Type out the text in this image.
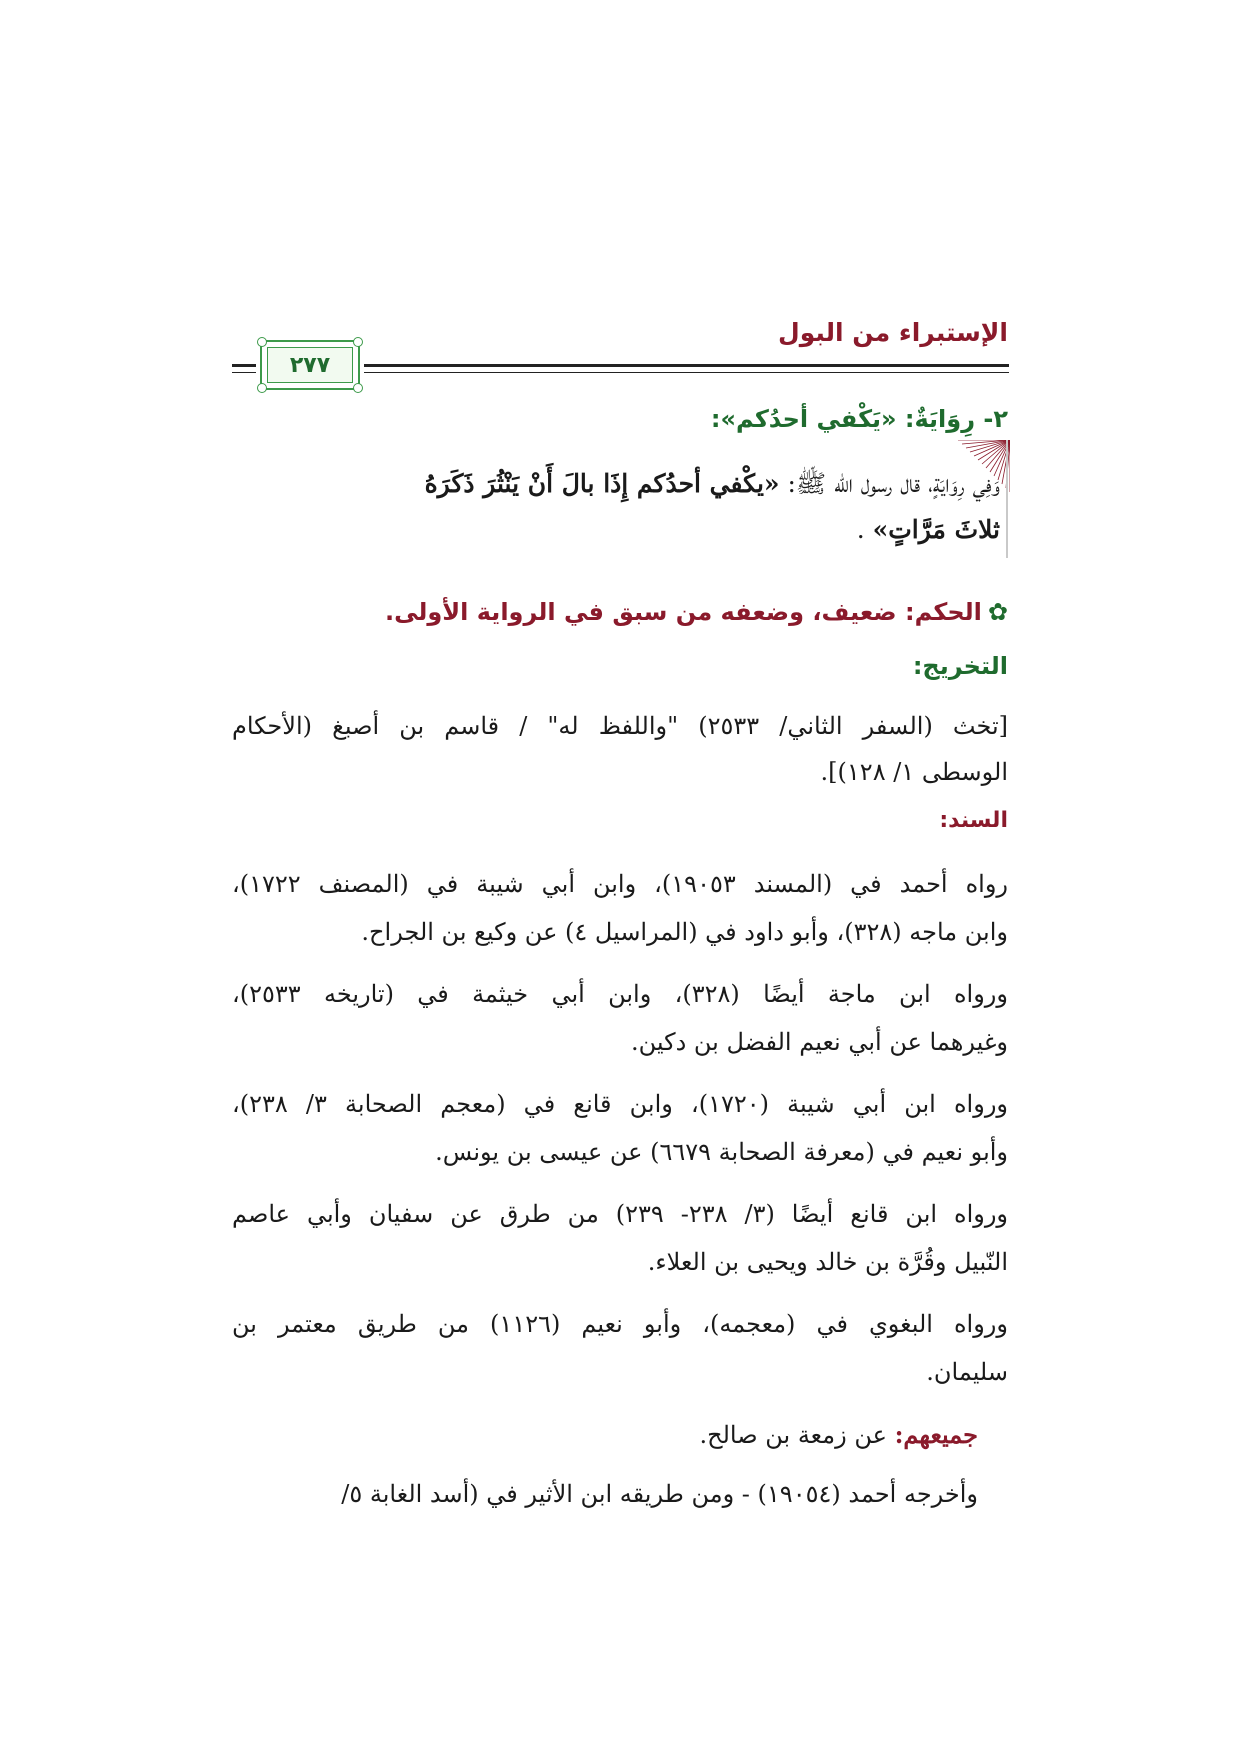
الإستبراء من البول
٢٧٧
٢- رِوَايَةٌ: «يَكْفي أحدُكم»:
وَفِي رِوَايَةٍ، قال رسول الله ﷺ: «يكْفي أحدُكم إِذَا بالَ أَنْ يَنْثُرَ ذَكَرَهُ
ثلاثَ مَرَّاتٍ» .
✿الحكم: ضعيف، وضعفه من سبق في الرواية الأولى.
التخريج:
[تخث (السفر الثاني/ ٢٥٣٣) "واللفظ له" / قاسم بن أصبغ (الأحكام
الوسطى ١/ ١٢٨)].
السند:
رواه أحمد في (المسند ١٩٠٥٣)، وابن أبي شيبة في (المصنف ١٧٢٢)،
وابن ماجه (٣٢٨)، وأبو داود في (المراسيل ٤) عن وكيع بن الجراح.
ورواه ابن ماجة أيضًا (٣٢٨)، وابن أبي خيثمة في (تاريخه ٢٥٣٣)،
وغيرهما عن أبي نعيم الفضل بن دكين.
ورواه ابن أبي شيبة (١٧٢٠)، وابن قانع في (معجم الصحابة ٣/ ٢٣٨)،
وأبو نعيم في (معرفة الصحابة ٦٦٧٩) عن عيسى بن يونس.
ورواه ابن قانع أيضًا (٣/ ٢٣٨- ٢٣٩) من طرق عن سفيان وأبي عاصم
النّبيل وقُرَّة بن خالد ويحيى بن العلاء.
ورواه البغوي في (معجمه)، وأبو نعيم (١١٢٦) من طريق معتمر بن
سليمان.
جميعهم: عن زمعة بن صالح.
وأخرجه أحمد (١٩٠٥٤) - ومن طريقه ابن الأثير في (أسد الغابة ٥/
